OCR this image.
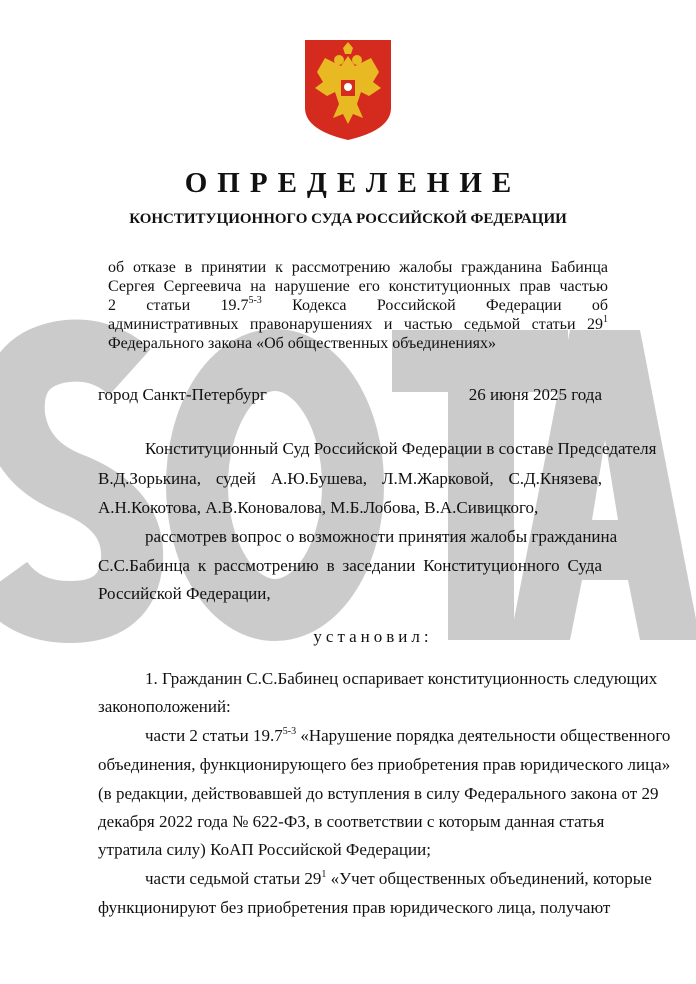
ОПРЕДЕЛЕНИЕ
КОНСТИТУЦИОННОГО СУДА РОССИЙСКОЙ ФЕДЕРАЦИИ
об отказе в принятии к рассмотрению жалобы гражданина Бабинца
Сергея Сергеевича на нарушение его конституционных прав частью
2 статьи 19.7$^{5-3}$ Кодекса Российской Федерации об
административных правонарушениях и частью седьмой статьи $29^1$
Федерального закона «Об общественных объединениях»
город Санкт-Петербург	26 июня 2025 года
Конституционный Суд Российской Федерации в составе Председателя
В.Д.Зорькина, судей А.Ю.Бушева, Л.М.Жарковой, С.Д.Князева,
А.Н.Кокотова, А.В.Коновалова, М.Б.Лобова, В.А.Сивицкого,
рассмотрев вопрос о возможности принятия жалобы гражданина
С.С.Бабинца к рассмотрению в заседании Конституционного Суда
Российской Федерации,
установил:
1. Гражданин С.С.Бабинец оспаривает конституционность следующих
законоположений:
части 2 статьи 19.7$^{5-3}$ «Нарушение порядка деятельности общественного
объединения, функционирующего без приобретения прав юридического лица»
(в редакции, действовавшей до вступления в силу Федерального закона от 29
декабря 2022 года № 622-ФЗ, в соответствии с которым данная статья
утратила силу) КоАП Российской Федерации;
части седьмой статьи $29^1$ «Учет общественных объединений, которые
функционируют без приобретения прав юридического лица, получают
